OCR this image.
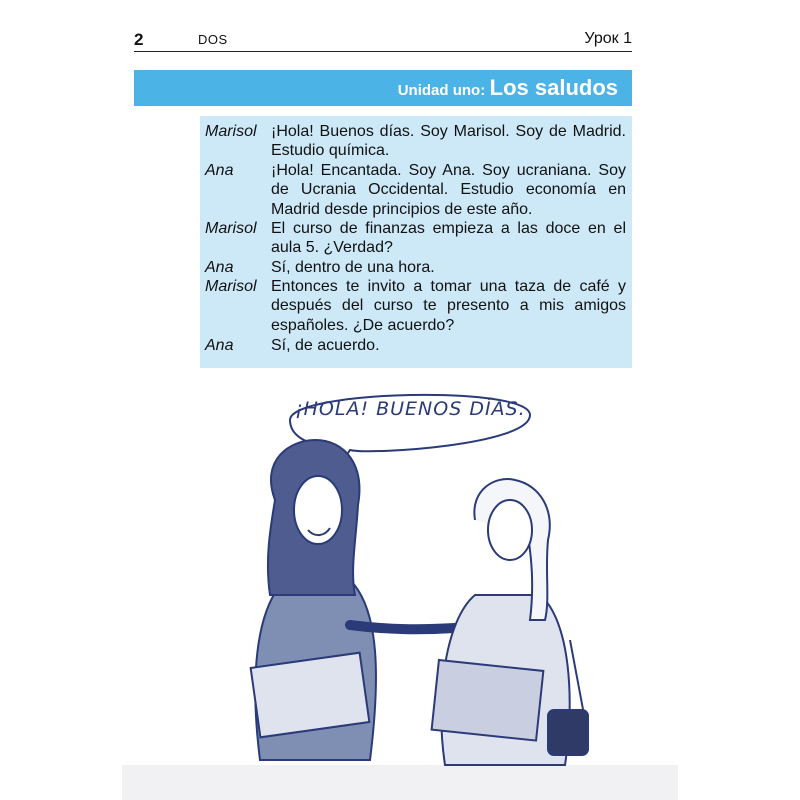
2	DOS	Урок 1
Unidad uno: Los saludos
Marisol ¡Hola! Buenos días. Soy Marisol. Soy de Madrid. Estudio química.
Ana ¡Hola! Encantada. Soy Ana. Soy ucraniana. Soy de Ucrania Occidental. Estudio economía en Madrid desde principios de este año.
Marisol El curso de finanzas empieza a las doce en el aula 5. ¿Verdad?
Ana Sí, dentro de una hora.
Marisol Entonces te invito a tomar una taza de café y después del curso te presento a mis amigos españoles. ¿De acuerdo?
Ana Sí, de acuerdo.
¡HOLA! BUENOS DÍAS.
